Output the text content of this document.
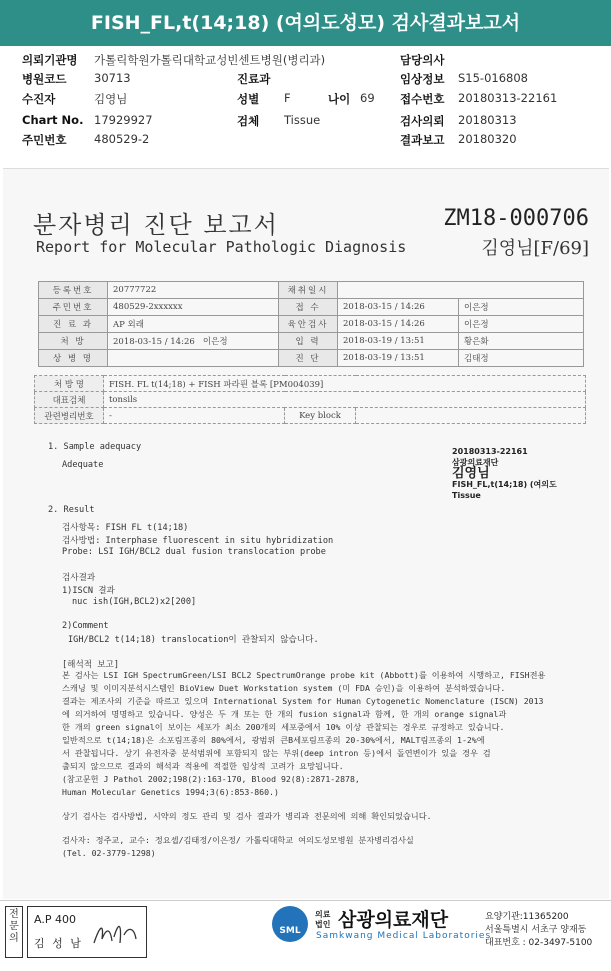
FISH_FL,t(14;18) (여의도성모) 검사결과보고서
의뢰기관명 가톨릭학원가톨릭대학교성빈센트병원(병리과)	담당의사
병원코드 30713	진료과	임상정보 S15-016808
수진자	김영님	성별 F	나이 69 접수번호 20180313-22161
Chart No. 17929927	검체 Tissue	검사의뢰 20180313
주민번호 480529-2	결과보고 20180320
분자병리 진단 보고서
Report for Molecular Pathologic Diagnosis
ZM18-000706
김영님[F/69]
등록번호	20777722	채취일시		
주민번호	480529-2xxxxxx	접 수	2018-03-15 / 14:26	이은정
진 료 과	AP 외래	육안검사	2018-03-15 / 14:26	이은정
처 방	2018-03-15 / 14:26 이은정	입 력	2018-03-19 / 13:51	황은화
상 병 명		진 단	2018-03-19 / 13:51	김태정
처 방 명	FISH. FL t(14;18) + FISH 파라핀 블록 [PM004039]		
대표검체	tonsils		
관련병리번호	-	Key block	
1. Sample adequacy
Adequate
2. Result
검사항목: FISH FL t(14;18)
검사방법: Interphase fluorescent in situ hybridization
Probe: LSI IGH/BCL2 dual fusion translocation probe
검사결과
1)ISCN 결과
nuc ish(IGH,BCL2)x2[200]
2)Comment
IGH/BCL2 t(14;18) translocation이 관찰되지 않습니다.
[해석적 보고]
본 검사는 LSI IGH SpectrumGreen/LSI BCL2 SpectrumOrange probe kit (Abbott)를 이용하여 시행하고, FISH전용
스캐닝 및 이미지분석시스템인 BioView Duet Workstation system (미 FDA 승인)을 이용하여 분석하였습니다.
결과는 제조사의 기준을 따르고 있으며 International System for Human Cytogenetic Nomenclature (ISCN) 2013
에 의거하여 명명하고 있습니다. 양성은 두 개 또는 한 개의 fusion signal과 함께, 한 개의 orange signal과
한 개의 green signal이 보이는 세포가 최소 200개의 세포중에서 10% 이상 관찰되는 경우로 규정하고 있습니다.
일반적으로 t(14;18)은 소포림프종의 80%에서, 광범위 큰B세포림프종의 20-30%에서, MALT림프종의 1-2%에
서 관찰됩니다. 상기 유전자중 분석범위에 포함되지 않는 부위(deep intron 등)에서 돌연변이가 있을 경우 검
출되지 않으므로 결과의 해석과 적용에 적절한 임상적 고려가 요망됩니다.
(참고문헌 J Pathol 2002;198(2):163-170, Blood 92(8):2871-2878,
Human Molecular Genetics 1994;3(6):853-860.)
상기 검사는 검사방법, 시약의 정도 관리 및 검사 결과가 병리과 전문의에 의해 확인되었습니다.
검사자: 정주교, 교수: 정요셉/김태정/이은정/ 가톨릭대학교 여의도성모병원 분자병리검사실
(Tel. 02-3779-1298)
20180313-22161
삼광의료재단
김영님
FISH_FL,t(14;18) (여의도
Tissue
전문의
A.P 400
김 성 남
SML
의료
법인 삼광의료재단
Samkwang Medical Laboratories
요양기관:11365200
서울특별시 서초구 양재동
대표번호 : 02-3497-5100
